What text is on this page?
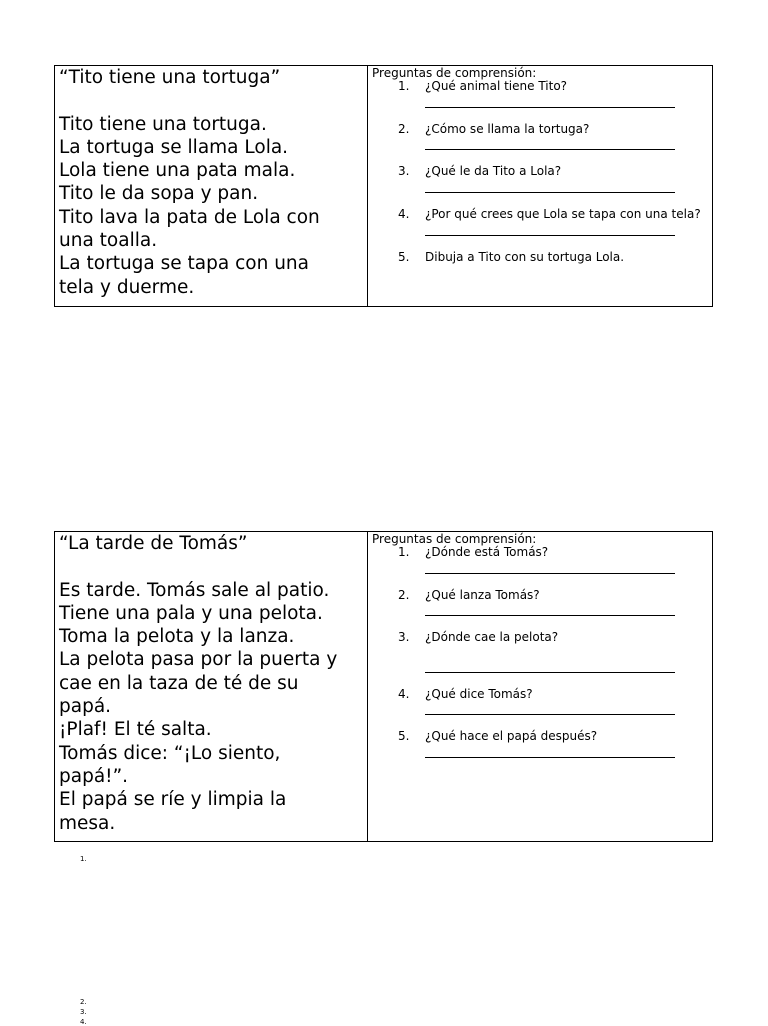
“Tito tiene una tortuga”

Tito tiene una tortuga.

La tortuga se llama Lola.

Lola tiene una pata mala.

Tito le da sopa y pan.

Tito lava la pata de Lola con

una toalla.

La tortuga se tapa con una

tela y duerme.

Preguntas de comprensión:
1. ¿Qué animal tiene Tito?
2. ¿Cómo se llama la tortuga?
3. ¿Qué le da Tito a Lola?
4. ¿Por qué crees que Lola se tapa con una tela?
5. Dibuja a Tito con su tortuga Lola.

“La tarde de Tomás”

Es tarde. Tomás sale al patio.

Tiene una pala y una pelota.

Toma la pelota y la lanza.

La pelota pasa por la puerta y

cae en la taza de té de su

papá.

¡Plaf! El té salta.

Tomás dice: “¡Lo siento,

papá!”.

El papá se ríe y limpia la

mesa.

Preguntas de comprensión:
1. ¿Dónde está Tomás?
2. ¿Qué lanza Tomás?
3. ¿Dónde cae la pelota?
4. ¿Qué dice Tomás?
5. ¿Qué hace el papá después?
1.
2.
3.
4.
